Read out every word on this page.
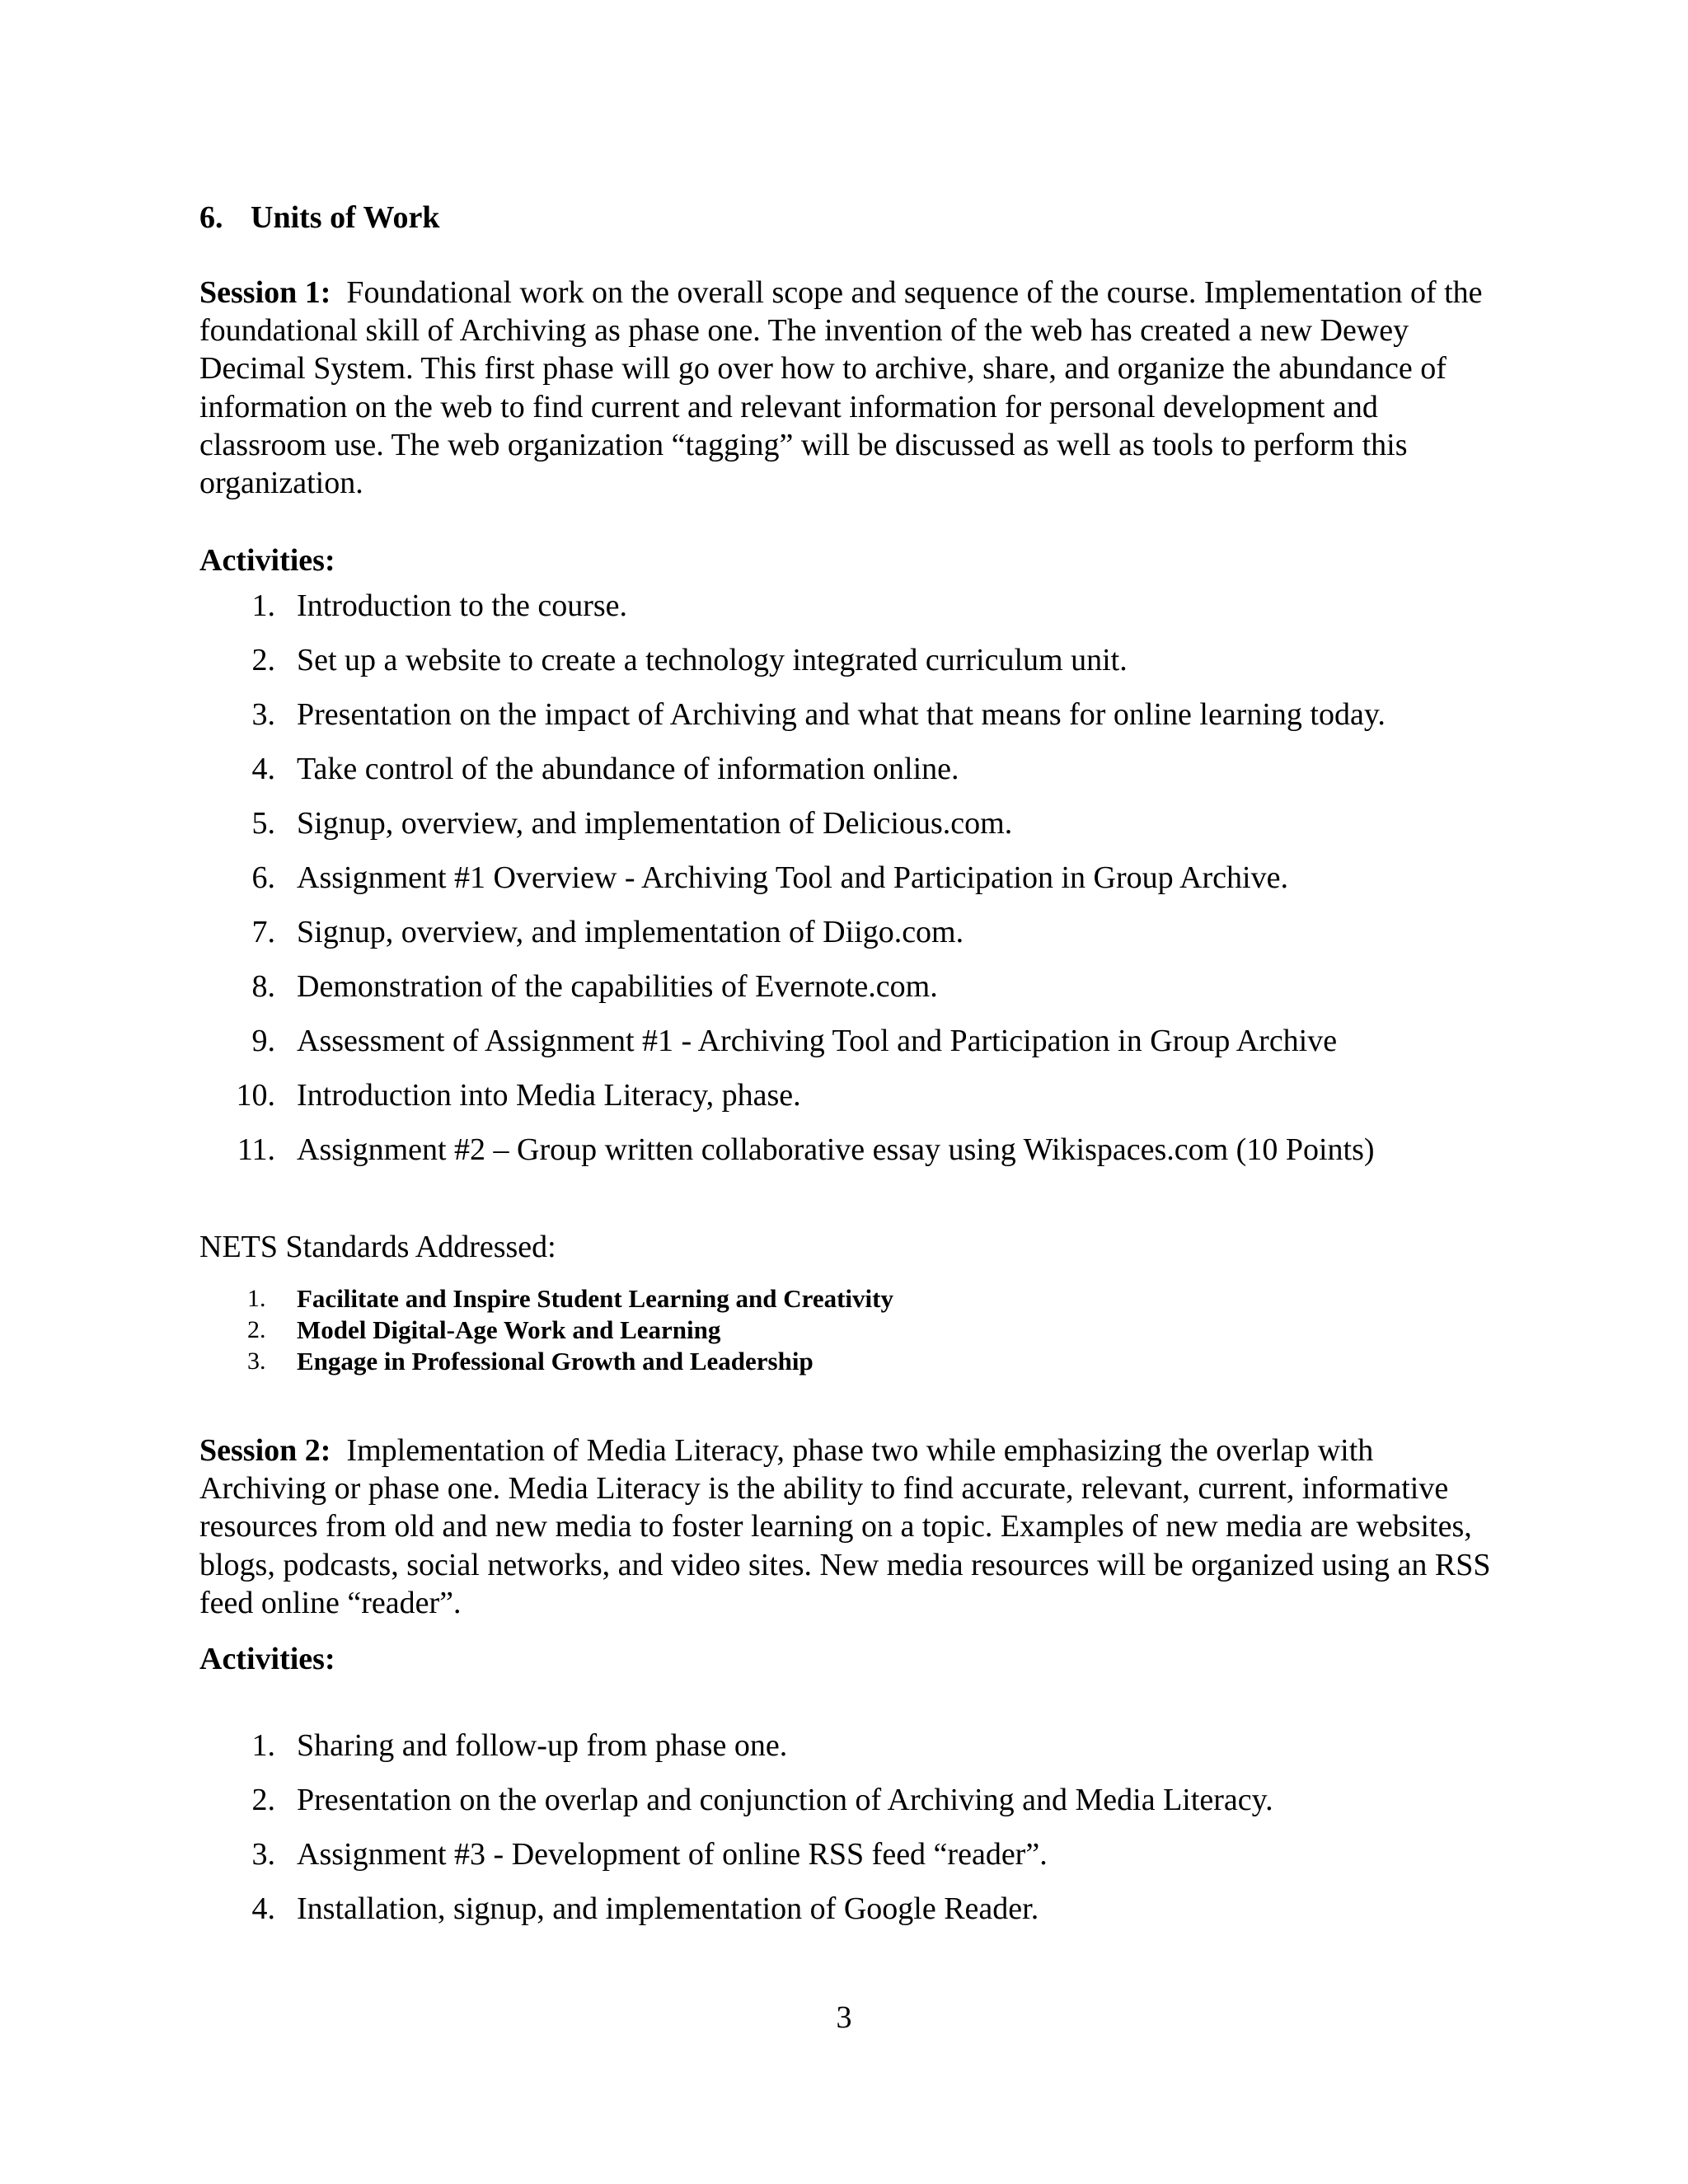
6. Units of Work

Session 1: Foundational work on the overall scope and sequence of the course. Implementation of the foundational skill of Archiving as phase one. The invention of the web has created a new Dewey Decimal System. This first phase will go over how to archive, share, and organize the abundance of information on the web to find current and relevant information for personal development and classroom use. The web organization “tagging” will be discussed as well as tools to perform this organization.

Activities:
1. Introduction to the course.
2. Set up a website to create a technology integrated curriculum unit.
3. Presentation on the impact of Archiving and what that means for online learning today.
4. Take control of the abundance of information online.
5. Signup, overview, and implementation of Delicious.com.
6. Assignment #1 Overview - Archiving Tool and Participation in Group Archive.
7. Signup, overview, and implementation of Diigo.com.
8. Demonstration of the capabilities of Evernote.com.
9. Assessment of Assignment #1 - Archiving Tool and Participation in Group Archive
10. Introduction into Media Literacy, phase.
11. Assignment #2 – Group written collaborative essay using Wikispaces.com (10 Points)
NETS Standards Addressed:
1. Facilitate and Inspire Student Learning and Creativity
2. Model Digital-Age Work and Learning
3. Engage in Professional Growth and Leadership

Session 2: Implementation of Media Literacy, phase two while emphasizing the overlap with Archiving or phase one. Media Literacy is the ability to find accurate, relevant, current, informative resources from old and new media to foster learning on a topic. Examples of new media are websites, blogs, podcasts, social networks, and video sites. New media resources will be organized using an RSS feed online “reader”.

Activities:
1. Sharing and follow-up from phase one.
2. Presentation on the overlap and conjunction of Archiving and Media Literacy.
3. Assignment #3 - Development of online RSS feed “reader”.
4. Installation, signup, and implementation of Google Reader.
3
